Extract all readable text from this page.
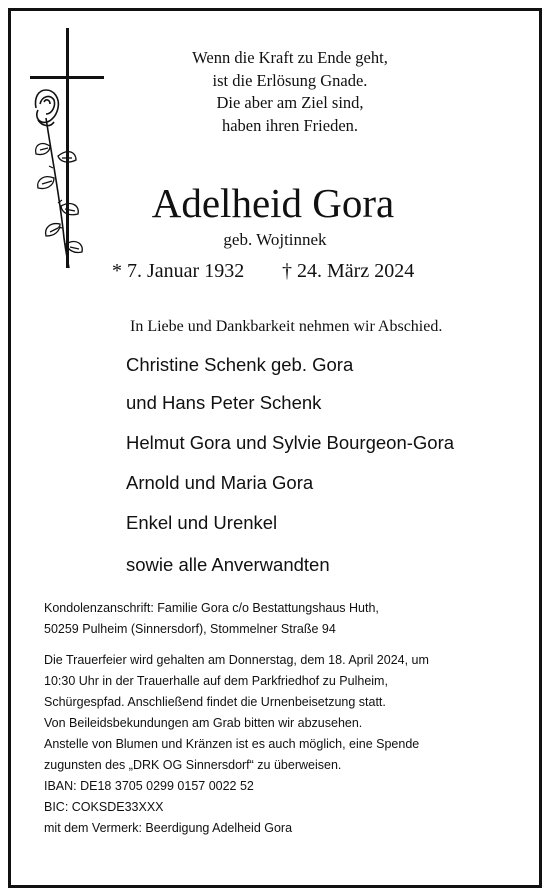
Wenn die Kraft zu Ende geht,
ist die Erlösung Gnade.
Die aber am Ziel sind,
haben ihren Frieden.
Adelheid Gora
geb. Wojtinnek
* 7. Januar 1932 † 24. März 2024
In Liebe und Dankbarkeit nehmen wir Abschied.
Christine Schenk geb. Gora
und Hans Peter Schenk
Helmut Gora und Sylvie Bourgeon-Gora
Arnold und Maria Gora
Enkel und Urenkel
sowie alle Anverwandten
Kondolenzanschrift: Familie Gora c/o Bestattungshaus Huth,
50259 Pulheim (Sinnersdorf), Stommelner Straße 94
Die Trauerfeier wird gehalten am Donnerstag, dem 18. April 2024, um
10:30 Uhr in der Trauerhalle auf dem Parkfriedhof zu Pulheim,
Schürgespfad. Anschließend findet die Urnenbeisetzung statt.
Von Beileidsbekundungen am Grab bitten wir abzusehen.
Anstelle von Blumen und Kränzen ist es auch möglich, eine Spende
zugunsten des „DRK OG Sinnersdorf“ zu überweisen.
IBAN: DE18 3705 0299 0157 0022 52
BIC: COKSDE33XXX
mit dem Vermerk: Beerdigung Adelheid Gora
